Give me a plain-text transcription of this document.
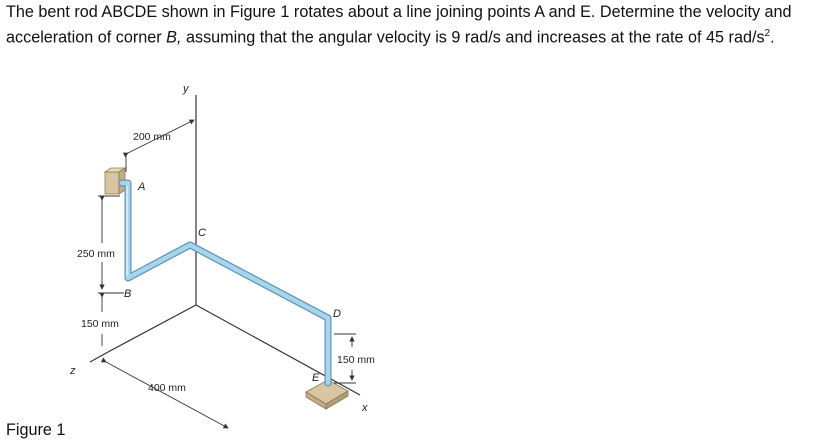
The bent rod ABCDE shown in Figure 1 rotates about a line joining points A and E. Determine the velocity and acceleration of corner B, assuming that the angular velocity is 9 rad/s and increases at the rate of 45 rad/$s^2$.

y
x
z
A
B
C
D
E
200 mm
250 mm
150 mm
400 mm
150 mm
Figure 1
